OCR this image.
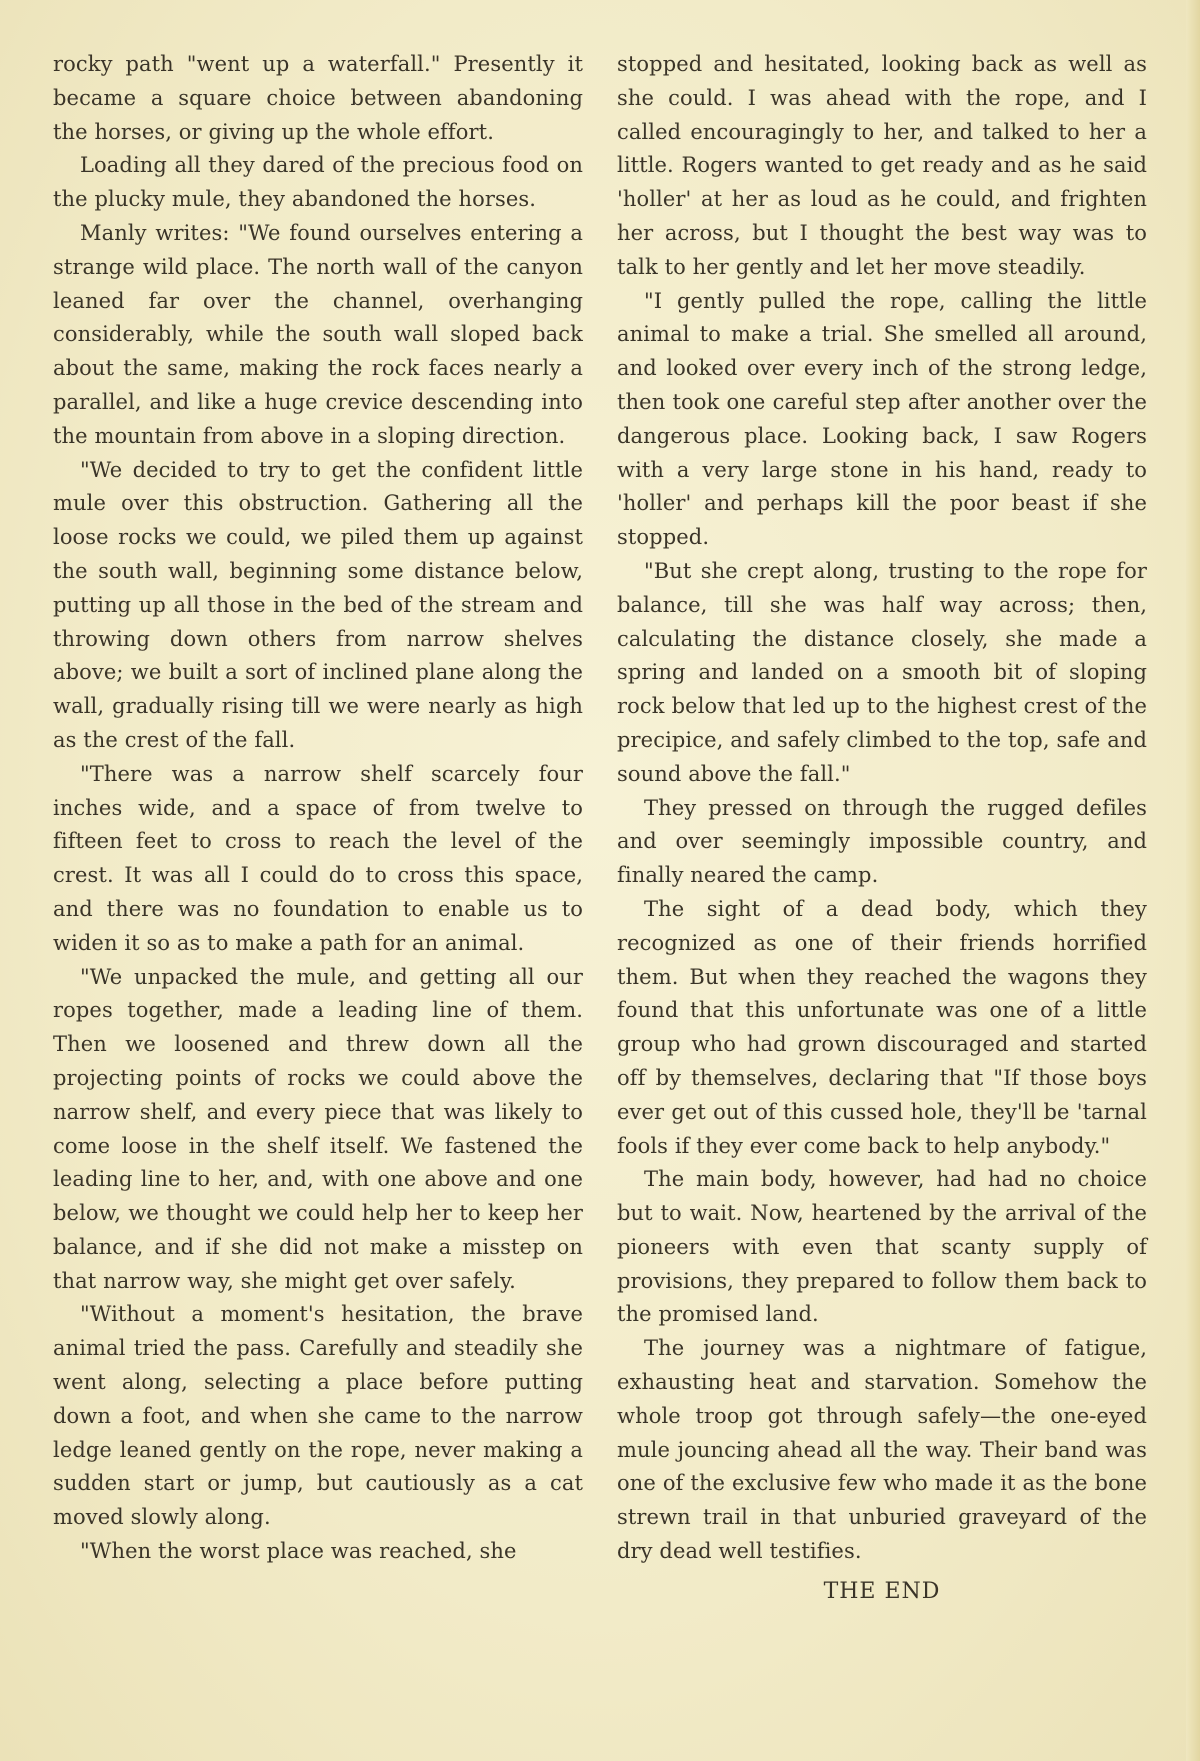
rocky path "went up a waterfall." Presently it became a square choice between abandoning the horses, or giving up the whole effort.

Loading all they dared of the precious food on the plucky mule, they abandoned the horses.

Manly writes: "We found ourselves entering a strange wild place. The north wall of the canyon leaned far over the channel, overhanging considerably, while the south wall sloped back about the same, making the rock faces nearly a parallel, and like a huge crevice descending into the mountain from above in a sloping direction.

"We decided to try to get the confident little mule over this obstruction. Gathering all the loose rocks we could, we piled them up against the south wall, beginning some distance below, putting up all those in the bed of the stream and throwing down others from narrow shelves above; we built a sort of inclined plane along the wall, gradually rising till we were nearly as high as the crest of the fall.

"There was a narrow shelf scarcely four inches wide, and a space of from twelve to fifteen feet to cross to reach the level of the crest. It was all I could do to cross this space, and there was no foundation to enable us to widen it so as to make a path for an animal.

"We unpacked the mule, and getting all our ropes together, made a leading line of them. Then we loosened and threw down all the projecting points of rocks we could above the narrow shelf, and every piece that was likely to come loose in the shelf itself. We fastened the leading line to her, and, with one above and one below, we thought we could help her to keep her balance, and if she did not make a misstep on that narrow way, she might get over safely.

"Without a moment's hesitation, the brave animal tried the pass. Carefully and steadily she went along, selecting a place before putting down a foot, and when she came to the narrow ledge leaned gently on the rope, never making a sudden start or jump, but cautiously as a cat moved slowly along.

"When the worst place was reached, she

stopped and hesitated, looking back as well as she could. I was ahead with the rope, and I called encouragingly to her, and talked to her a little. Rogers wanted to get ready and as he said 'holler' at her as loud as he could, and frighten her across, but I thought the best way was to talk to her gently and let her move steadily.

"I gently pulled the rope, calling the little animal to make a trial. She smelled all around, and looked over every inch of the strong ledge, then took one careful step after another over the dangerous place. Looking back, I saw Rogers with a very large stone in his hand, ready to 'holler' and perhaps kill the poor beast if she stopped.

"But she crept along, trusting to the rope for balance, till she was half way across; then, calculating the distance closely, she made a spring and landed on a smooth bit of sloping rock below that led up to the highest crest of the precipice, and safely climbed to the top, safe and sound above the fall."

They pressed on through the rugged defiles and over seemingly impossible country, and finally neared the camp.

The sight of a dead body, which they recognized as one of their friends horrified them. But when they reached the wagons they found that this unfortunate was one of a little group who had grown discouraged and started off by themselves, declaring that "If those boys ever get out of this cussed hole, they'll be 'tarnal fools if they ever come back to help anybody."

The main body, however, had had no choice but to wait. Now, heartened by the arrival of the pioneers with even that scanty supply of provisions, they prepared to follow them back to the promised land.

The journey was a nightmare of fatigue, exhausting heat and starvation. Somehow the whole troop got through safely—the one-eyed mule jouncing ahead all the way. Their band was one of the exclusive few who made it as the bone strewn trail in that unburied graveyard of the dry dead well testifies.

THE END
